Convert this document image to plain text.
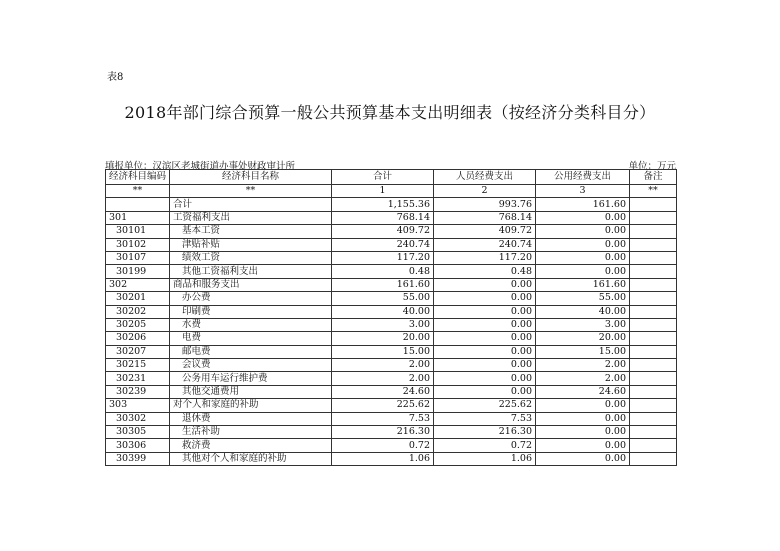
表8
2018年部门综合预算一般公共预算基本支出明细表（按经济分类科目分）
填报单位：汉滨区老城街道办事处财政审计所	单位：万元
经济科目编码	经济科目名称	合计	人员经费支出	公用经费支出	备注
**	**	1	2	3	**
	合计	1,155.36	993.76	161.60	
301	工资福利支出	768.14	768.14	0.00	
30101	基本工资	409.72	409.72	0.00	
30102	津贴补贴	240.74	240.74	0.00	
30107	绩效工资	117.20	117.20	0.00	
30199	其他工资福利支出	0.48	0.48	0.00	
302	商品和服务支出	161.60	0.00	161.60	
30201	办公费	55.00	0.00	55.00	
30202	印刷费	40.00	0.00	40.00	
30205	水费	3.00	0.00	3.00	
30206	电费	20.00	0.00	20.00	
30207	邮电费	15.00	0.00	15.00	
30215	会议费	2.00	0.00	2.00	
30231	公务用车运行维护费	2.00	0.00	2.00	
30239	其他交通费用	24.60	0.00	24.60	
303	对个人和家庭的补助	225.62	225.62	0.00	
30302	退休费	7.53	7.53	0.00	
30305	生活补助	216.30	216.30	0.00	
30306	救济费	0.72	0.72	0.00	
30399	其他对个人和家庭的补助	1.06	1.06	0.00	
